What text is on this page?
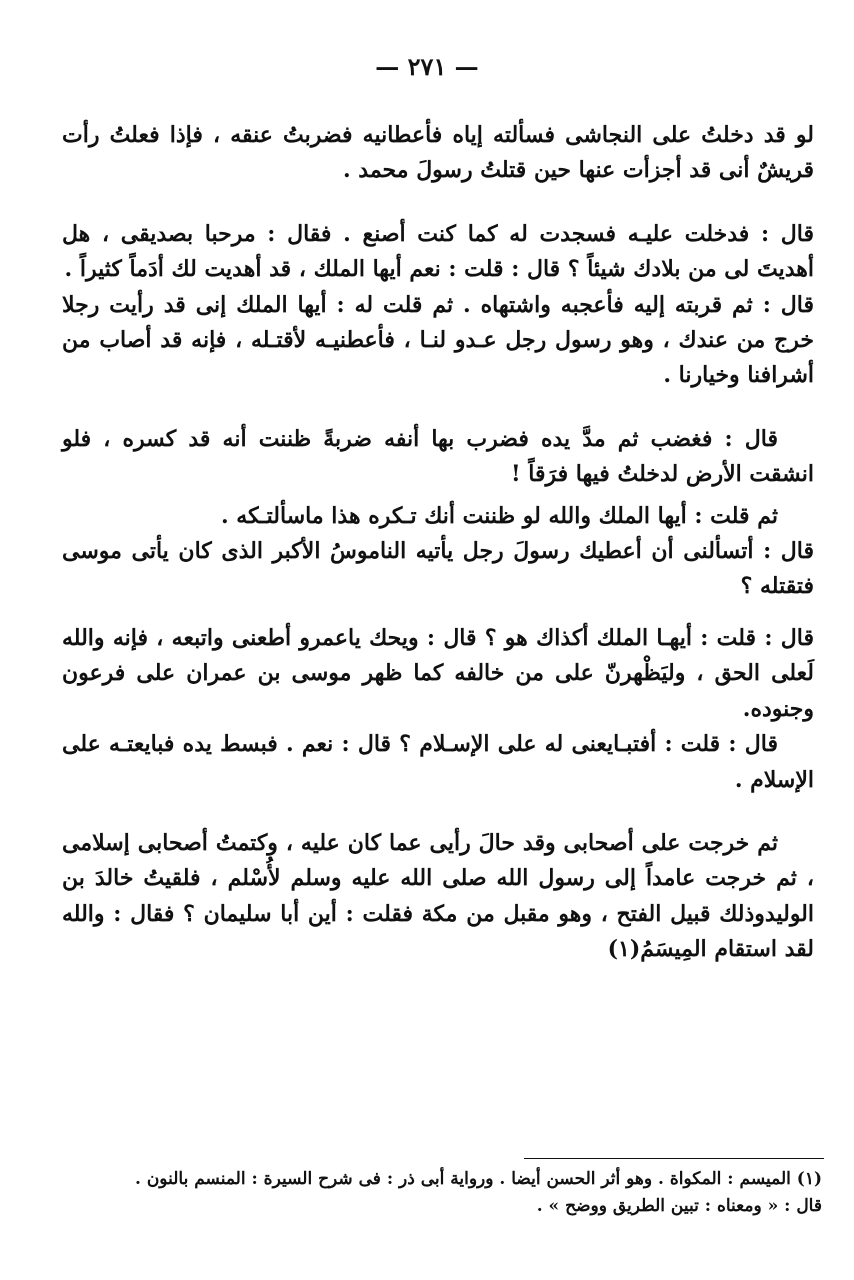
— ٢٧١ —

لو قد دخلتُ على النجاشى فسألته إياه فأعطانيه فضربتُ عنقه ، فإذا فعلتُ رأت قريشٌ أنى قد أجزأت عنها حين قتلتُ رسولَ محمد .

قال : فدخلت عليـه فسجدت له كما كنت أصنع . فقال : مرحبا بصديقى ، هل أهديتَ لى من بلادك شيئاً ؟ قال : قلت : نعم أيها الملك ، قد أهديت لك أدَماً كثيراً .

قال : ثم قربته إليه فأعجبه واشتهاه . ثم قلت له : أيها الملك إنى قد رأيت رجلا خرج من عندك ، وهو رسول رجل عـدو لنـا ، فأعطنيـه لأقتـله ، فإنه قد أصاب من أشرافنا وخيارنا .

قال : فغضب ثم مدَّ يده فضرب بها أنفه ضربةً ظننت أنه قد كسره ، فلو انشقت الأرض لدخلتُ فيها فرَقاً !

ثم قلت : أيها الملك والله لو ظننت أنك تـكره هذا ماسألتـكه .

قال : أتسألنى أن أعطيك رسولَ رجل يأتيه الناموسُ الأكبر الذى كان يأتى موسى فتقتله ؟

قال : قلت : أيهـا الملك أكذاك هو ؟ قال : ويحك ياعمرو أطعنى واتبعه ، فإنه والله لَعلى الحق ، وليَظْهرنّ على من خالفه كما ظهر موسى بن عمران على فرعون وجنوده.

قال : قلت : أفتبـايعنى له على الإسـلام ؟ قال : نعم . فبسط يده فبايعتـه على الإسلام .

ثم خرجت على أصحابى وقد حالَ رأيى عما كان عليه ، وكتمتُ أصحابى إسلامى ، ثم خرجت عامداً إلى رسول الله صلى الله عليه وسلم لأُسْلم ، فلقيتُ خالدَ بن الوليدوذلك قبيل الفتح ، وهو مقبل من مكة فقلت : أين أبا سليمان ؟ فقال : والله لقد استقام المِيسَمُ(١)

(١) الميسم : المكواة . وهو أثر الحسن أيضا . ورواية أبى ذر : فى شرح السيرة : المنسم بالنون .

قال : « ومعناه : تبين الطريق ووضح » .
